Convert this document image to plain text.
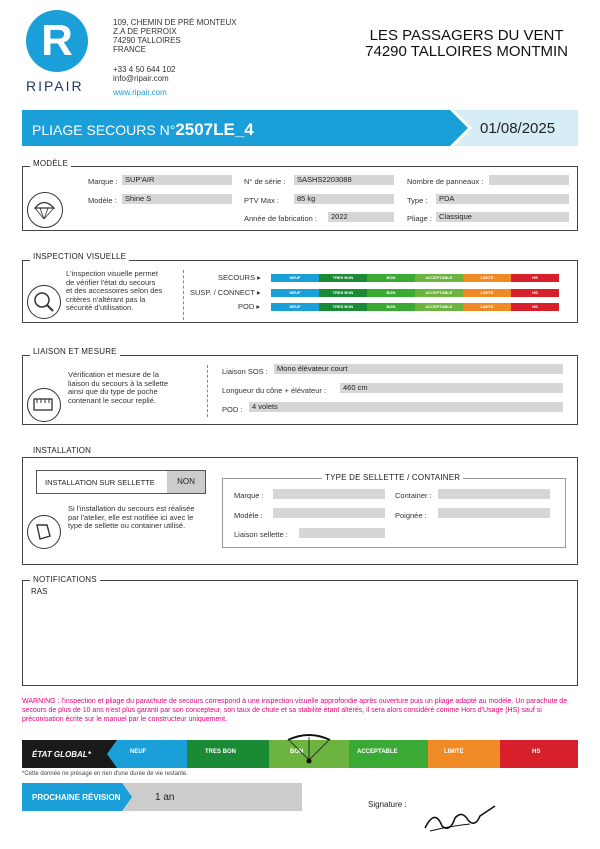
R
RIPAIR
109, CHEMIN DE PRÉ MONTEUX
Z.A DE PERROIX
74290 TALLOIRES
FRANCE
+33 4 50 644 102
info@ripair.com
www.ripair.com
LES PASSAGERS DU VENT
74290 TALLOIRES MONTMIN
PLIAGE SECOURS N°2507LE_4	01/08/2025
MODÈLE
Marque : SUP'AIR
Modèle :	Shine S
N° de série :	SASHS2203088
PTV Max :	85 kg
Année de fabrication :	2022
Nombre de panneaux :
Type :	PDA
Pliage : Classique
INSPECTION VISUELLE
L'inspection visuelle permet
de vérifier l'état du secours
et des accessoires selon des
critères n'altérant pas la
sécurité d'utilisation.
SECOURS ▸
SUSP. / CONNECT ▸
POD ▸
NEUF	TRES BON	BON	ACCEPTABLE	LIMITE	HS
NEUF	TRES BON	BON	ACCEPTABLE	LIMITE	HS
NEUF	TRES BON	BON	ACCEPTABLE	LIMITE	HS
LIAISON ET MESURE
Vérification et mesure de la
liaison du secours à la sellette
ainsi que du type de poche
contenant le secour replié.
Liaison SOS :	Mono élévateur court
Longueur du cône + élévateur :	460 cm
POD :	4 volets
INSTALLATION
INSTALLATION SUR SELLETTE	NON
Si l'installation du secours est réalisée
par l'atelier, elle est notifiée ici avec le
type de sellette ou container utilisé.
TYPE DE SELLETTE / CONTAINER
Marque :
Modèle :
Liaison sellette :
Container :
Poignée :
NOTIFICATIONS
RAS
WARNING : l'inspection et pliage du parachute de secours correspond à une inspection visuelle approfondie après ouverture puis un pliage adapté au modèle. Un parachute de secours de plus de 10 ans n'est plus garanti par son concepteur, son taux de chute et sa stabilité étant altérés, il sera alors considéré comme Hors d'Usage (HS) sauf si préconisation écrite sur le manuel par le constructeur uniquement.
ÉTAT GLOBAL*	NEUF	TRES BON	BON	ACCEPTABLE	LIMITE	HS
*Cette donnée ne présage en rien d'une durée de vie restante.
PROCHAINE RÉVISION	1 an
Signature :
